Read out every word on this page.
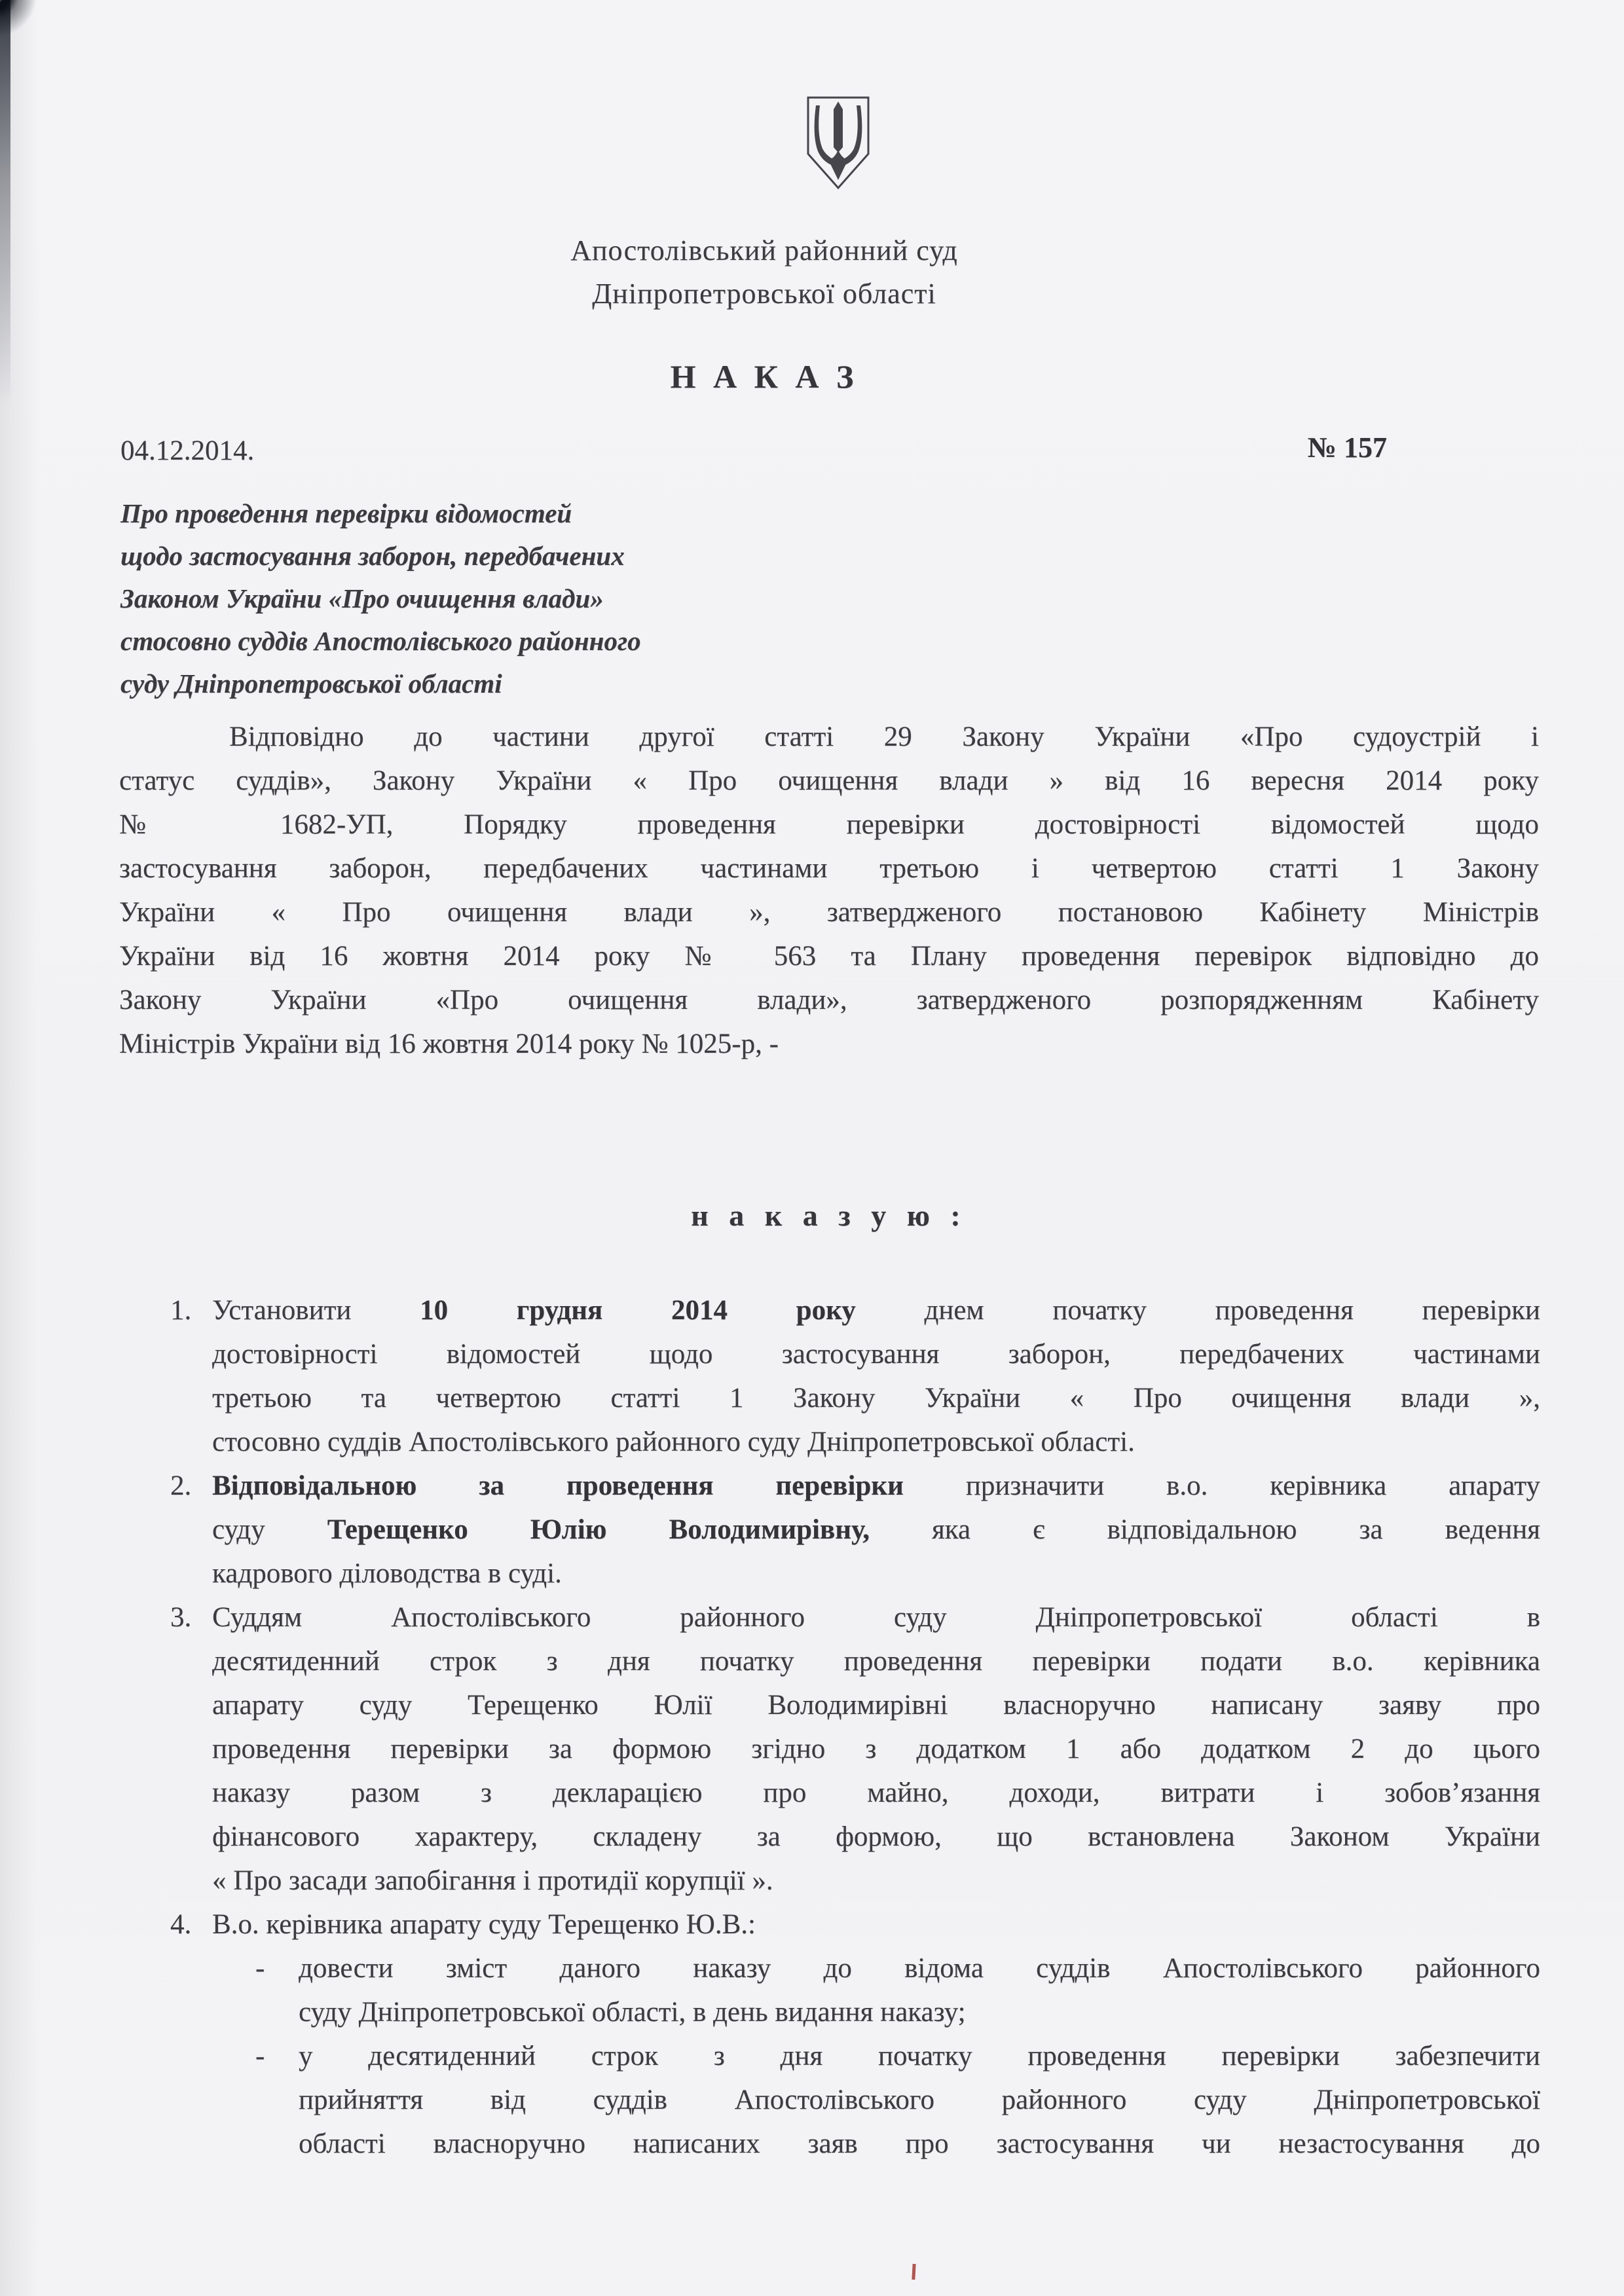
Апостолівський районний суд
Дніпропетровської області
Н А К А З
04.12.2014.	№ 157
Про проведення перевірки відомостей
щодо застосування заборон, передбачених
Законом України «Про очищення влади»
стосовно суддів Апостолівського районного
суду Дніпропетровської області
Відповідно до частини другої статті 29 Закону України «Про судоустрій і
статус суддів», Закону України « Про очищення влади » від 16 вересня 2014 року
№ 1682-УП, Порядку проведення перевірки достовірності відомостей щодо
застосування заборон, передбачених частинами третьою і четвертою статті 1 Закону
України « Про очищення влади », затвердженого постановою Кабінету Міністрів
України від 16 жовтня 2014 року № 563 та Плану проведення перевірок відповідно до
Закону України «Про очищення влади», затвердженого розпорядженням Кабінету
Міністрів України від 16 жовтня 2014 року № 1025-р, -
н а к а з у ю :
1. Установити 10 грудня 2014 року днем початку проведення перевірки
достовірності відомостей щодо застосування заборон, передбачених частинами
третьою та четвертою статті 1 Закону України « Про очищення влади »,
стосовно суддів Апостолівського районного суду Дніпропетровської області.
2. Відповідальною за проведення перевірки призначити в.о. керівника апарату
суду Терещенко Юлію Володимирівну, яка є відповідальною за ведення
кадрового діловодства в суді.
3. Суддям Апостолівського районного суду Дніпропетровської області в
десятиденний строк з дня початку проведення перевірки подати в.о. керівника
апарату суду Терещенко Юлії Володимирівні власноручно написану заяву про
проведення перевірки за формою згідно з додатком 1 або додатком 2 до цього
наказу разом з декларацією про майно, доходи, витрати і зобов’язання
фінансового характеру, складену за формою, що встановлена Законом України
« Про засади запобігання і протидії корупції ».
4. В.о. керівника апарату суду Терещенко Ю.В.:
- довести зміст даного наказу до відома суддів Апостолівського районного
суду Дніпропетровської області, в день видання наказу;
- у десятиденний строк з дня початку проведення перевірки забезпечити
прийняття від суддів Апостолівського районного суду Дніпропетровської
області власноручно написаних заяв про застосування чи незастосування до
